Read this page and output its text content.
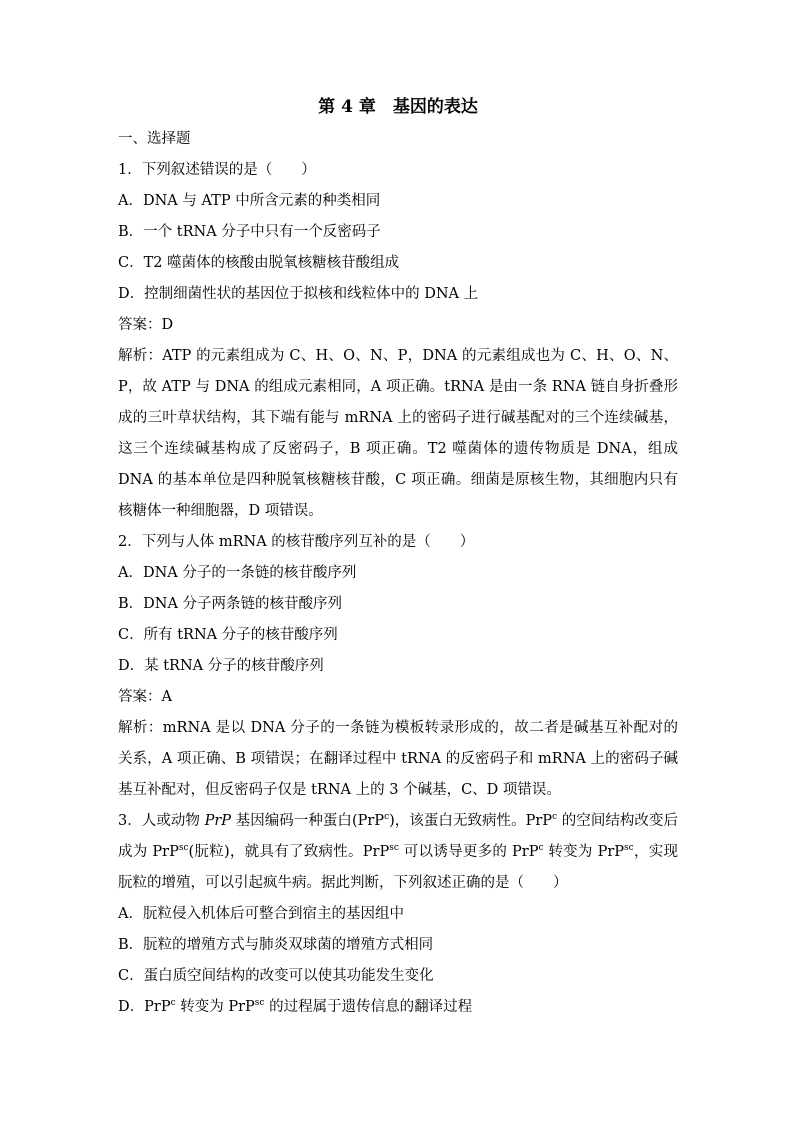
第 4 章　基因的表达
一、选择题
1．下列叙述错误的是（　　）
A．DNA 与 ATP 中所含元素的种类相同
B．一个 tRNA 分子中只有一个反密码子
C．T2 噬菌体的核酸由脱氧核糖核苷酸组成
D．控制细菌性状的基因位于拟核和线粒体中的 DNA 上
答案：D

解析：ATP 的元素组成为 C、H、O、N、P，DNA 的元素组成也为 C、H、O、N、P，故 ATP 与 DNA 的组成元素相同，A 项正确。tRNA 是由一条 RNA 链自身折叠形成的三叶草状结构，其下端有能与 mRNA 上的密码子进行碱基配对的三个连续碱基，这三个连续碱基构成了反密码子，B 项正确。T2 噬菌体的遗传物质是 DNA，组成 DNA 的基本单位是四种脱氧核糖核苷酸，C 项正确。细菌是原核生物，其细胞内只有核糖体一种细胞器，D 项错误。

2．下列与人体 mRNA 的核苷酸序列互补的是（　　）
A．DNA 分子的一条链的核苷酸序列
B．DNA 分子两条链的核苷酸序列
C．所有 tRNA 分子的核苷酸序列
D．某 tRNA 分子的核苷酸序列
答案：A

解析：mRNA 是以 DNA 分子的一条链为模板转录形成的，故二者是碱基互补配对的关系，A 项正确、B 项错误；在翻译过程中 tRNA 的反密码子和 mRNA 上的密码子碱基互补配对，但反密码子仅是 tRNA 上的 3 个碱基，C、D 项错误。

3．人或动物 PrP 基因编码一种蛋白(PrP$^c$)，该蛋白无致病性。PrP$^c$ 的空间结构改变后成为 PrP$^{sc}$(朊粒)，就具有了致病性。PrP$^{sc}$ 可以诱导更多的 PrP$^c$ 转变为 PrP$^{sc}$，实现朊粒的增殖，可以引起疯牛病。据此判断，下列叙述正确的是（　　）

A．朊粒侵入机体后可整合到宿主的基因组中
B．朊粒的增殖方式与肺炎双球菌的增殖方式相同
C．蛋白质空间结构的改变可以使其功能发生变化
D．PrP$^c$ 转变为 PrP$^{sc}$ 的过程属于遗传信息的翻译过程
